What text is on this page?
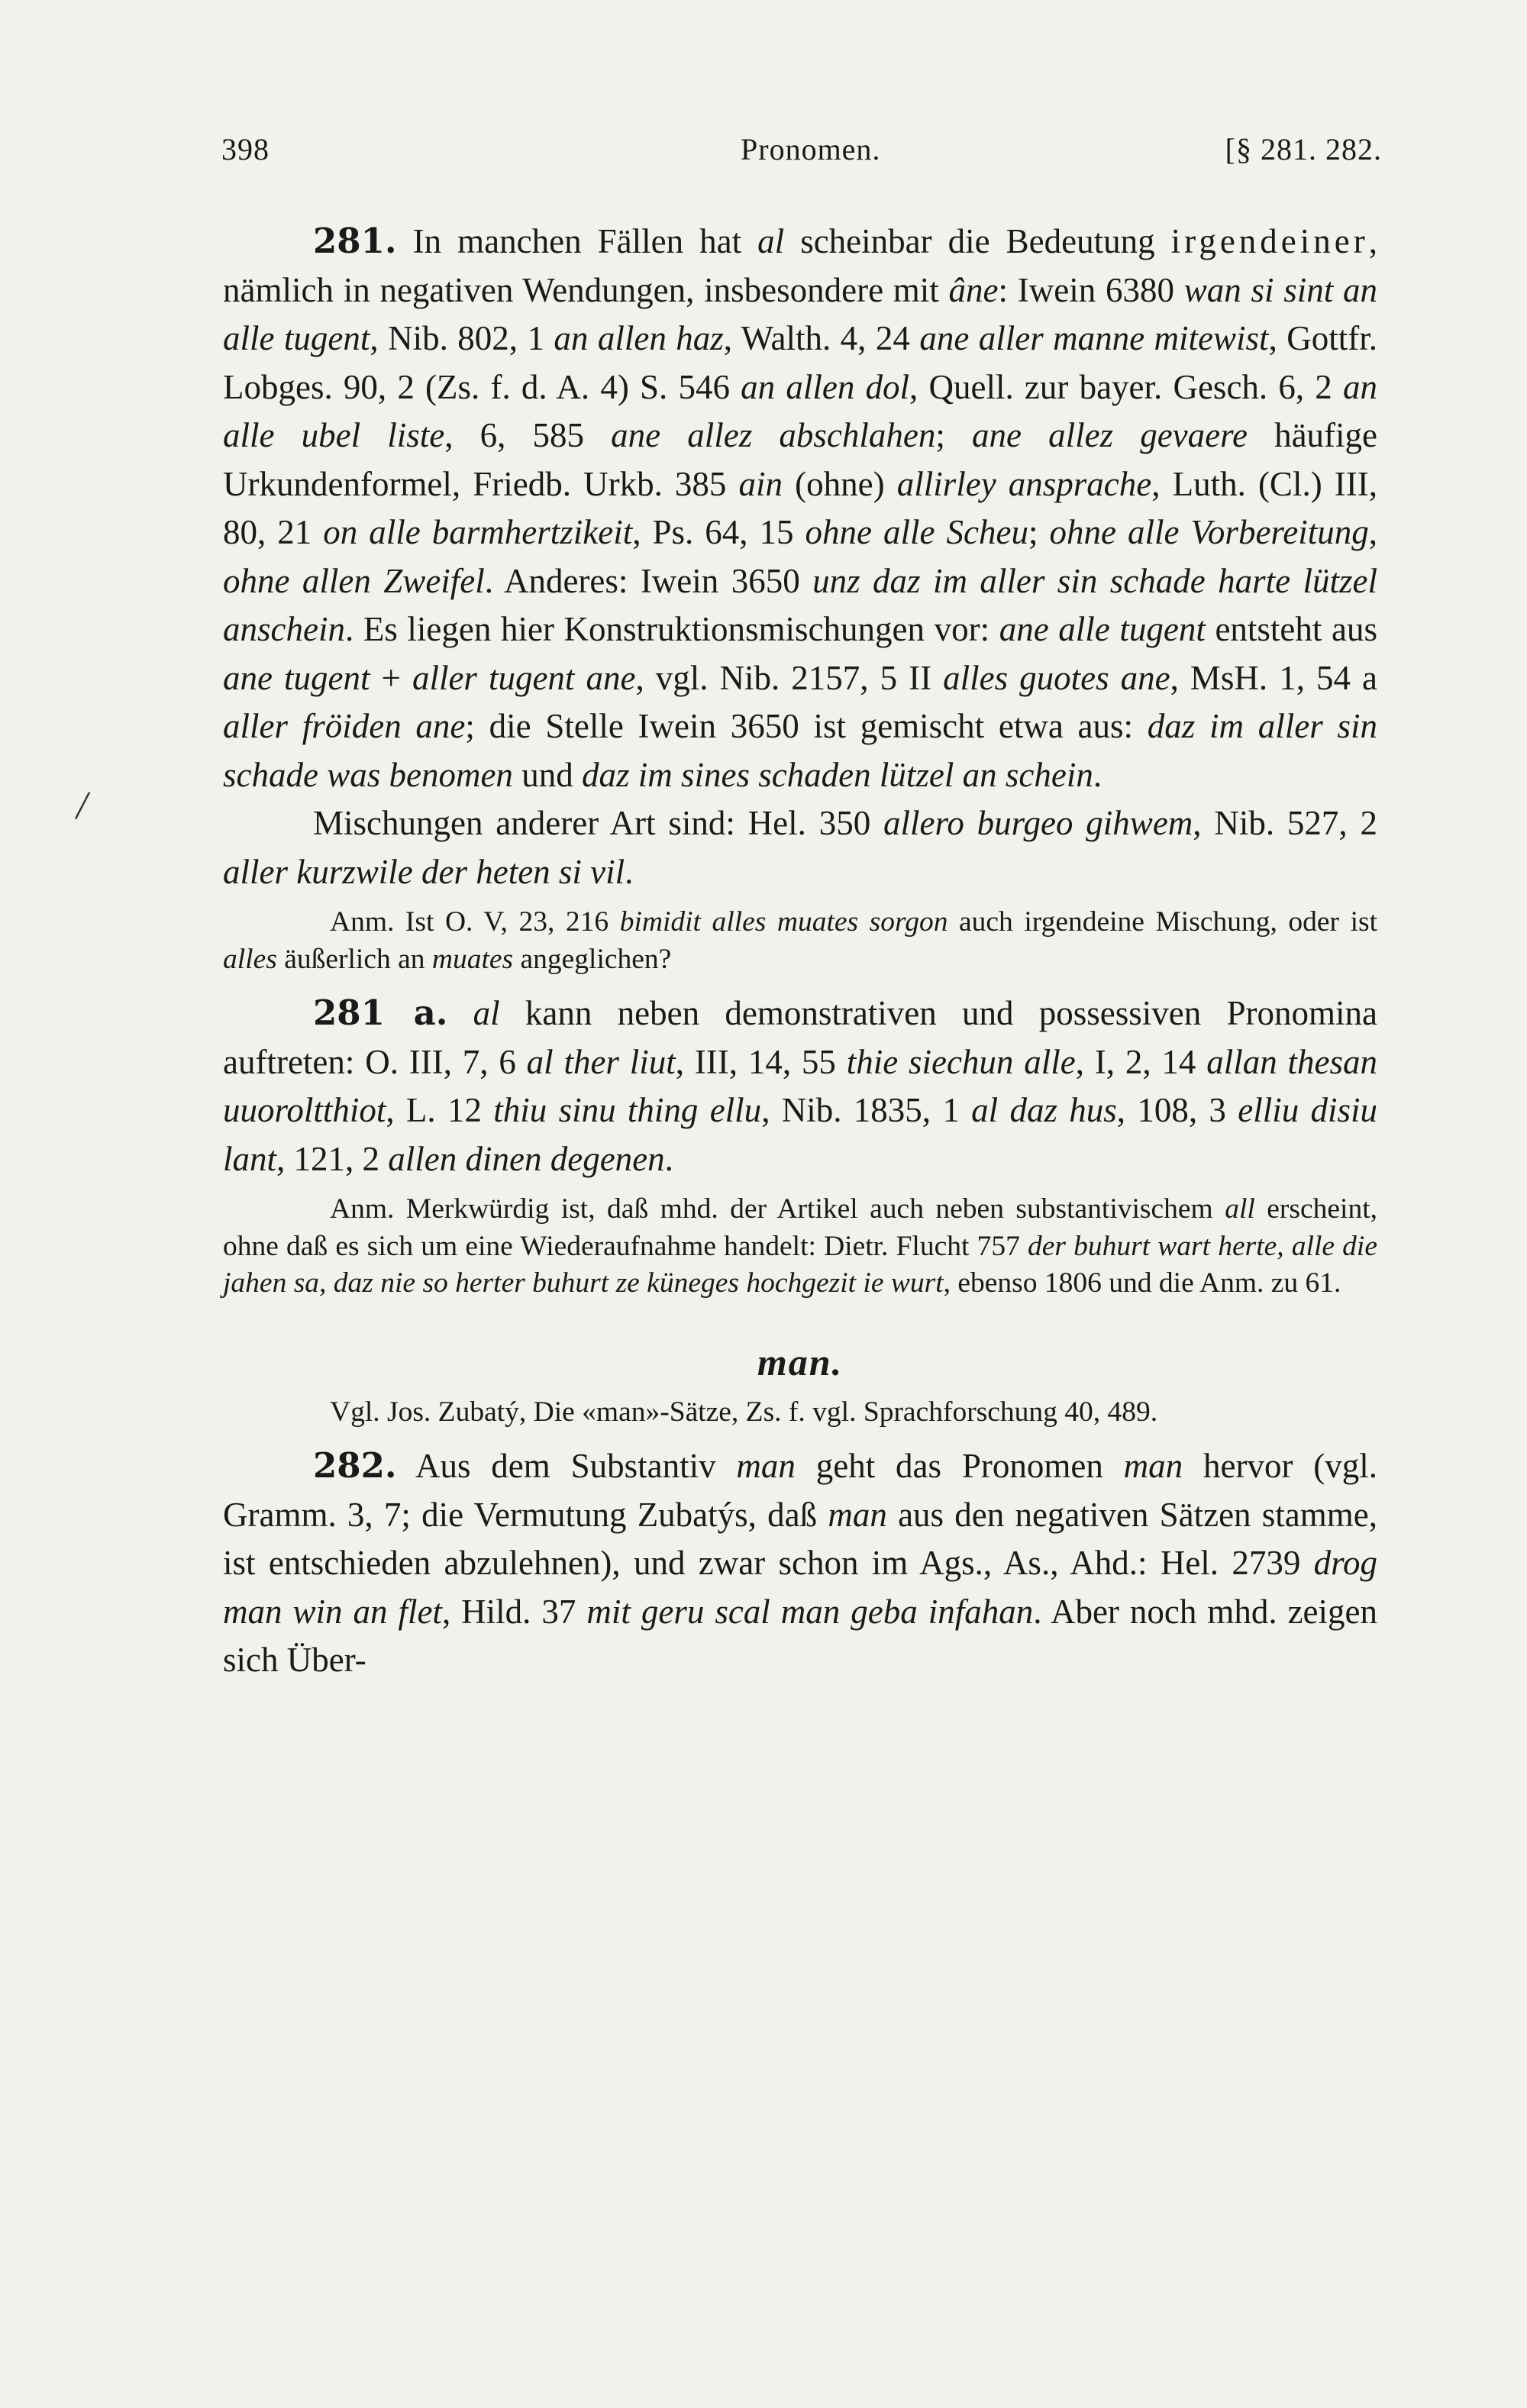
398	Pronomen.	[§ 281. 282.
/

281. In manchen Fällen hat al scheinbar die Bedeutung irgendeiner, nämlich in negativen Wendungen, insbesondere mit âne: Iwein 6380 wan si sint an alle tugent, Nib. 802, 1 an allen haz, Walth. 4, 24 ane aller manne mitewist, Gottfr. Lobges. 90, 2 (Zs. f. d. A. 4) S. 546 an allen dol, Quell. zur bayer. Gesch. 6, 2 an alle ubel liste, 6, 585 ane allez abschlahen; ane allez gevaere häufige Urkundenformel, Friedb. Urkb. 385 ain (ohne) allirley ansprache, Luth. (Cl.) III, 80, 21 on alle barmhertzikeit, Ps. 64, 15 ohne alle Scheu; ohne alle Vorbereitung, ohne allen Zweifel. Anderes: Iwein 3650 unz daz im aller sin schade harte lützel anschein. Es liegen hier Konstruktionsmischungen vor: ane alle tugent entsteht aus ane tugent + aller tugent ane, vgl. Nib. 2157, 5 II alles guotes ane, MsH. 1, 54 a aller fröiden ane; die Stelle Iwein 3650 ist gemischt etwa aus: daz im aller sin schade was benomen und daz im sines schaden lützel an schein.

Mischungen anderer Art sind: Hel. 350 allero burgeo gihwem, Nib. 527, 2 aller kurzwile der heten si vil.

Anm. Ist O. V, 23, 216 bimidit alles muates sorgon auch irgendeine Mischung, oder ist alles äußerlich an muates angeglichen?

281 a. al kann neben demonstrativen und possessiven Pronomina auftreten: O. III, 7, 6 al ther liut, III, 14, 55 thie siechun alle, I, 2, 14 allan thesan uuoroltthiot, L. 12 thiu sinu thing ellu, Nib. 1835, 1 al daz hus, 108, 3 elliu disiu lant, 121, 2 allen dinen degenen.

Anm. Merkwürdig ist, daß mhd. der Artikel auch neben substantivischem all erscheint, ohne daß es sich um eine Wiederaufnahme handelt: Dietr. Flucht 757 der buhurt wart herte, alle die jahen sa, daz nie so herter buhurt ze küneges hochgezit ie wurt, ebenso 1806 und die Anm. zu 61.

man.

Vgl. Jos. Zubatý, Die «man»-Sätze, Zs. f. vgl. Sprachforschung 40, 489.

282. Aus dem Substantiv man geht das Pronomen man hervor (vgl. Gramm. 3, 7; die Vermutung Zubatýs, daß man aus den negativen Sätzen stamme, ist entschieden abzulehnen), und zwar schon im Ags., As., Ahd.: Hel. 2739 drog man win an flet, Hild. 37 mit geru scal man geba infahan. Aber noch mhd. zeigen sich Über-
